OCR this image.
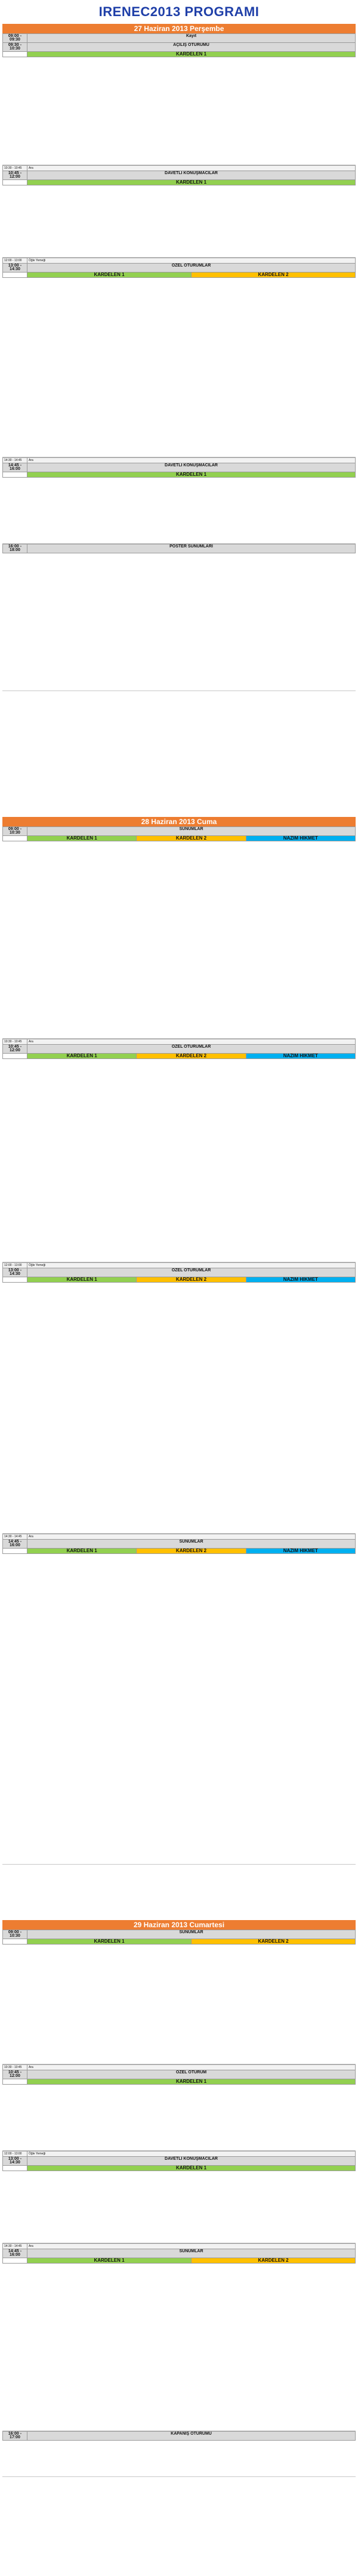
IRENEC2013 PROGRAMI
27 Haziran 2013 Perşembe
09:00 - 09:30	Kayıt
09:30 - 10:30	AÇILIŞ OTURUMU
	KARDELEN 1
10:30 - 10:45	Ara
10:45 - 12:00	DAVETLİ KONUŞMACILAR
	KARDELEN 1
12:00 - 13:00	Öğle Yemeği	
13:00 - 14:30	ÖZEL OTURUMLAR	
	KARDELEN 1	KARDELEN 2
14:30 - 14:45	Ara
14:45 - 16:00	DAVETLİ KONUŞMACILAR
	KARDELEN 1
16:00 - 18:00	POSTER SUNUMLARI
28 Haziran 2013 Cuma
09:00 - 10:30	SUNUMLAR		
	KARDELEN 1	KARDELEN 2	NAZIM HİKMET
10:30 - 10:45	Ara		
10:45 - 12:00	ÖZEL OTURUMLAR		
	KARDELEN 1	KARDELEN 2	NAZIM HİKMET
12:00 - 13:00	Öğle Yemeği		
13:00 - 14:30	ÖZEL OTURUMLAR		
	KARDELEN 1	KARDELEN 2	NAZIM HİKMET
14:30 - 14:45	Ara		
14:45 - 16:00	SUNUMLAR		
	KARDELEN 1	KARDELEN 2	NAZIM HİKMET
29 Haziran 2013 Cumartesi
09:00 - 10:30	SUNUMLAR	
	KARDELEN 1	KARDELEN 2
10:30 - 10:45	Ara
10:45 - 12:00	ÖZEL OTURUM
	KARDELEN 1
12:00 - 13:00	Öğle Yemeği
13:00 - 14:30	DAVETLİ KONUŞMACILAR
	KARDELEN 1
14:30 - 14:45	Ara	
14:45 - 16:00	SUNUMLAR	
	KARDELEN 1	KARDELEN 2
16:00 - 17:00	KAPANIŞ OTURUMU
